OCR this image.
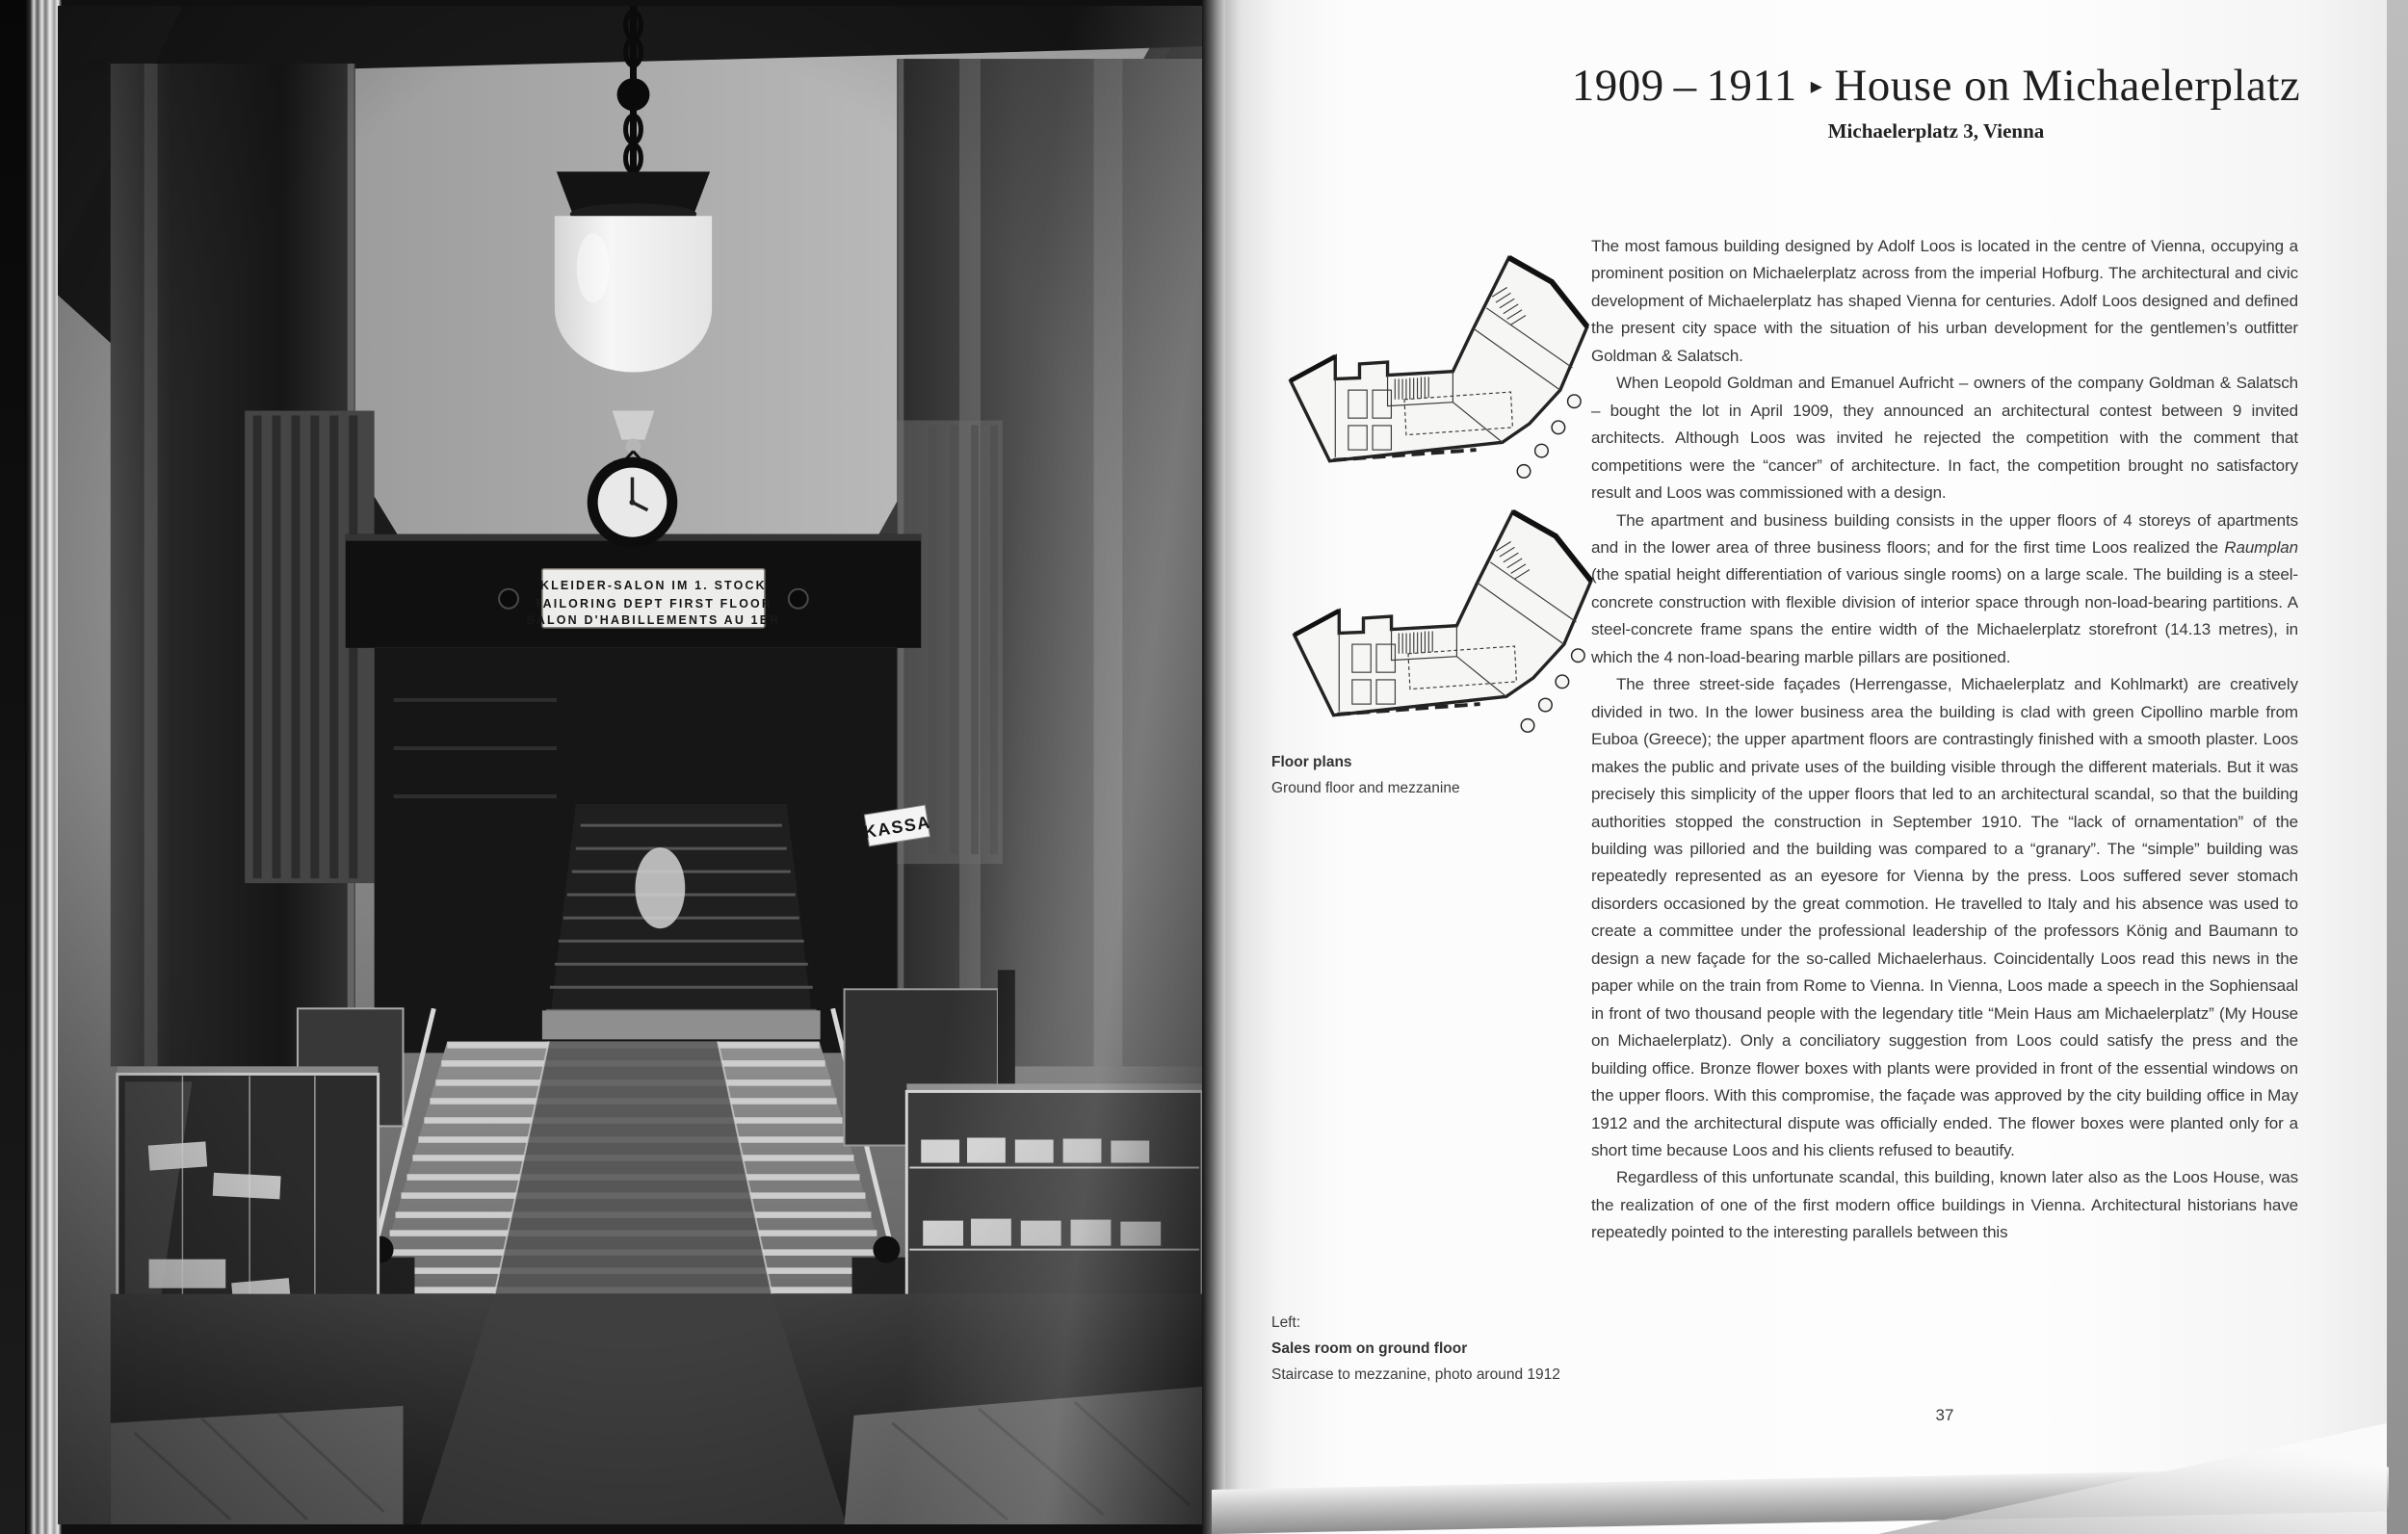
1909 – 1911 ▸ House on Michaelerplatz
Michaelerplatz 3, Vienna
Floor plans
Ground floor and mezzanine
Left:
Sales room on ground floor
Staircase to mezzanine, photo around 1912

The most famous building designed by Adolf Loos is located in the centre of Vienna, occupying a prominent position on Michaelerplatz across from the imperial Hofburg. The architectural and civic development of Michaelerplatz has shaped Vienna for centuries. Adolf Loos designed and defined the present city space with the situation of his urban development for the gentlemen’s outfitter Goldman & Salatsch.

When Leopold Goldman and Emanuel Aufricht – owners of the company Goldman & Salatsch – bought the lot in April 1909, they announced an architectural contest between 9 invited architects. Although Loos was invited he rejected the competition with the comment that competitions were the “cancer” of architecture. In fact, the competition brought no satisfactory result and Loos was commissioned with a design.

The apartment and business building consists in the upper floors of 4 storeys of apartments and in the lower area of three business floors; and for the first time Loos realized the Raumplan (the spatial height differentiation of various single rooms) on a large scale. The building is a steel-concrete construction with flexible division of interior space through non-load-bearing partitions. A steel-concrete frame spans the entire width of the Michaelerplatz storefront (14.13 metres), in which the 4 non-load-bearing marble pillars are positioned.

The three street-side façades (Herrengasse, Michaelerplatz and Kohlmarkt) are creatively divided in two. In the lower business area the building is clad with green Cipollino marble from Euboa (Greece); the upper apartment floors are contrastingly finished with a smooth plaster. Loos makes the public and private uses of the building visible through the different materials. But it was precisely this simplicity of the upper floors that led to an architectural scandal, so that the building authorities stopped the construction in September 1910. The “lack of ornamentation” of the building was pilloried and the building was compared to a “granary”. The “simple” building was repeatedly represented as an eyesore for Vienna by the press. Loos suffered sever stomach disorders occasioned by the great commotion. He travelled to Italy and his absence was used to create a committee under the professional leadership of the professors König and Baumann to design a new façade for the so-called Michaelerhaus. Coincidentally Loos read this news in the paper while on the train from Rome to Vienna. In Vienna, Loos made a speech in the Sophiensaal in front of two thousand people with the legendary title “Mein Haus am Michaelerplatz” (My House on Michaelerplatz). Only a conciliatory suggestion from Loos could satisfy the press and the building office. Bronze flower boxes with plants were provided in front of the essential windows on the upper floors. With this compromise, the façade was approved by the city building office in May 1912 and the architectural dispute was officially ended. The flower boxes were planted only for a short time because Loos and his clients refused to beautify.

Regardless of this unfortunate scandal, this building, known later also as the Loos House, was the realization of one of the first modern office buildings in Vienna. Architectural historians have repeatedly pointed to the interesting parallels between this

37
